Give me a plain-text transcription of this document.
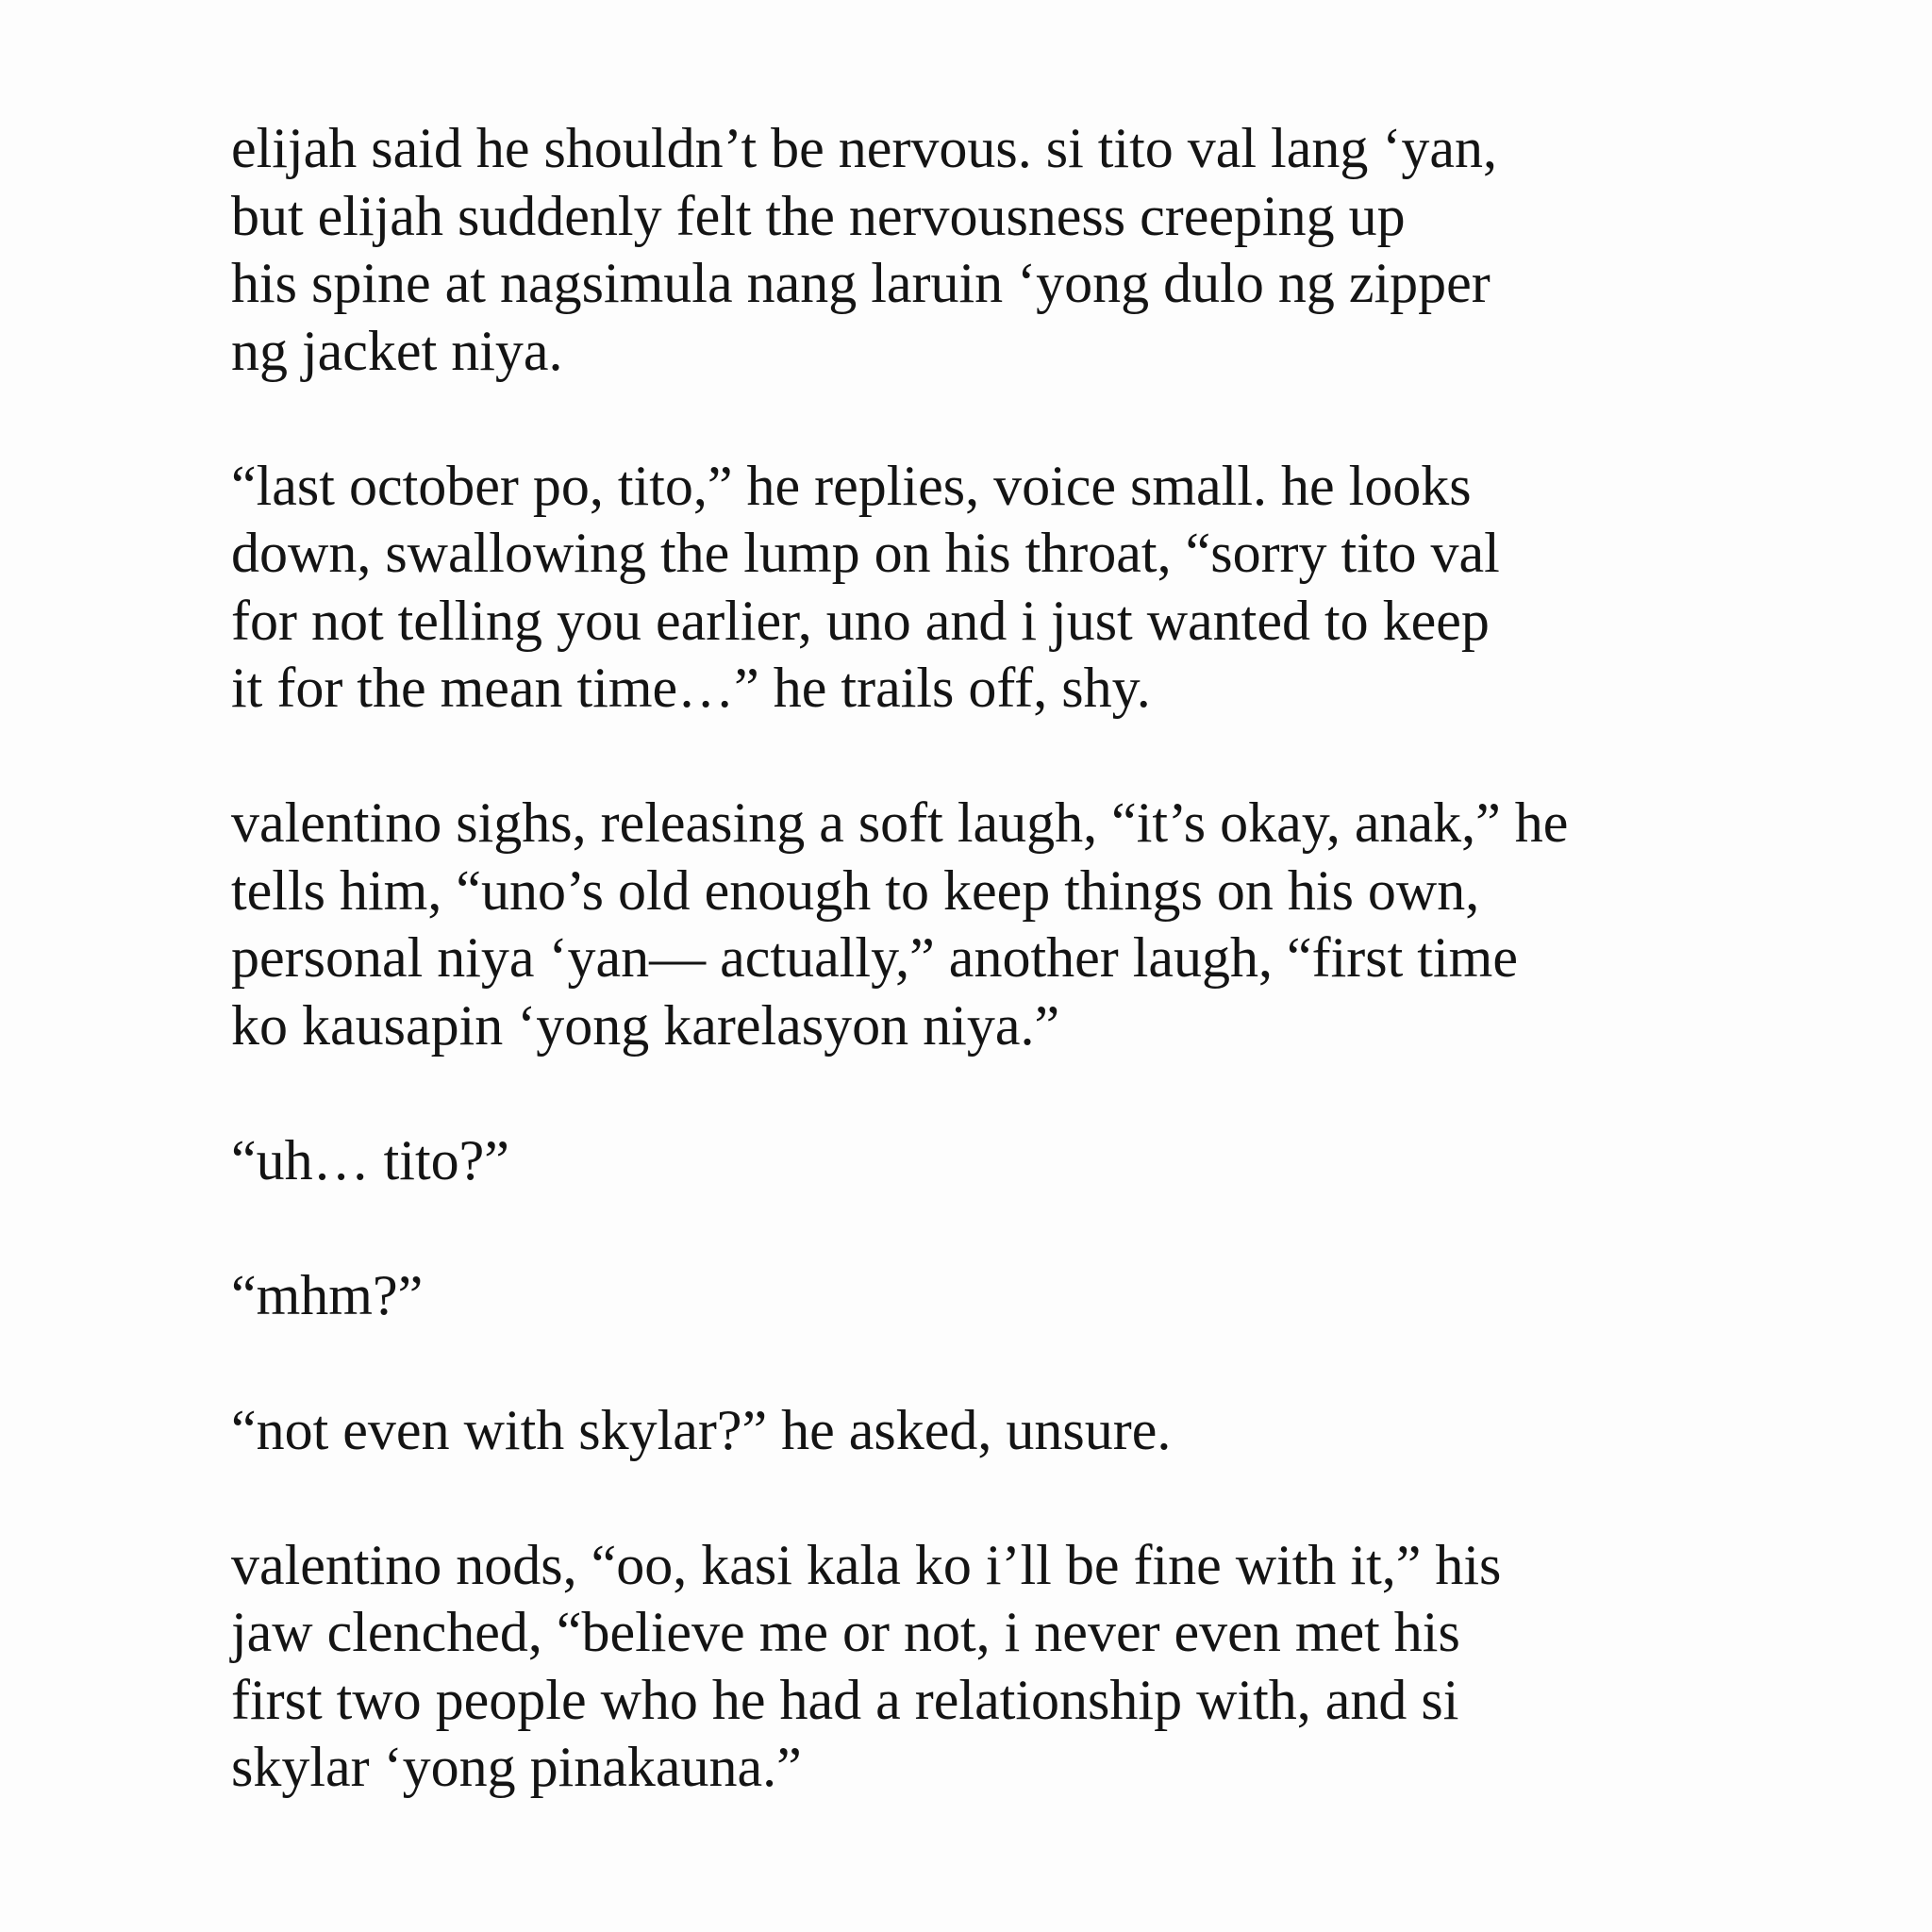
elijah said he shouldn’t be nervous. si tito val lang ‘yan,
but elijah suddenly felt the nervousness creeping up
his spine at nagsimula nang laruin ‘yong dulo ng zipper
ng jacket niya.

“last october po, tito,” he replies, voice small. he looks
down, swallowing the lump on his throat, “sorry tito val
for not telling you earlier, uno and i just wanted to keep
it for the mean time…” he trails off, shy.

valentino sighs, releasing a soft laugh, “it’s okay, anak,” he
tells him, “uno’s old enough to keep things on his own,
personal niya ‘yan— actually,” another laugh, “first time
ko kausapin ‘yong karelasyon niya.”

“uh… tito?”

“mhm?”

“not even with skylar?” he asked, unsure.

valentino nods, “oo, kasi kala ko i’ll be fine with it,” his
jaw clenched, “believe me or not, i never even met his
first two people who he had a relationship with, and si
skylar ‘yong pinakauna.”
